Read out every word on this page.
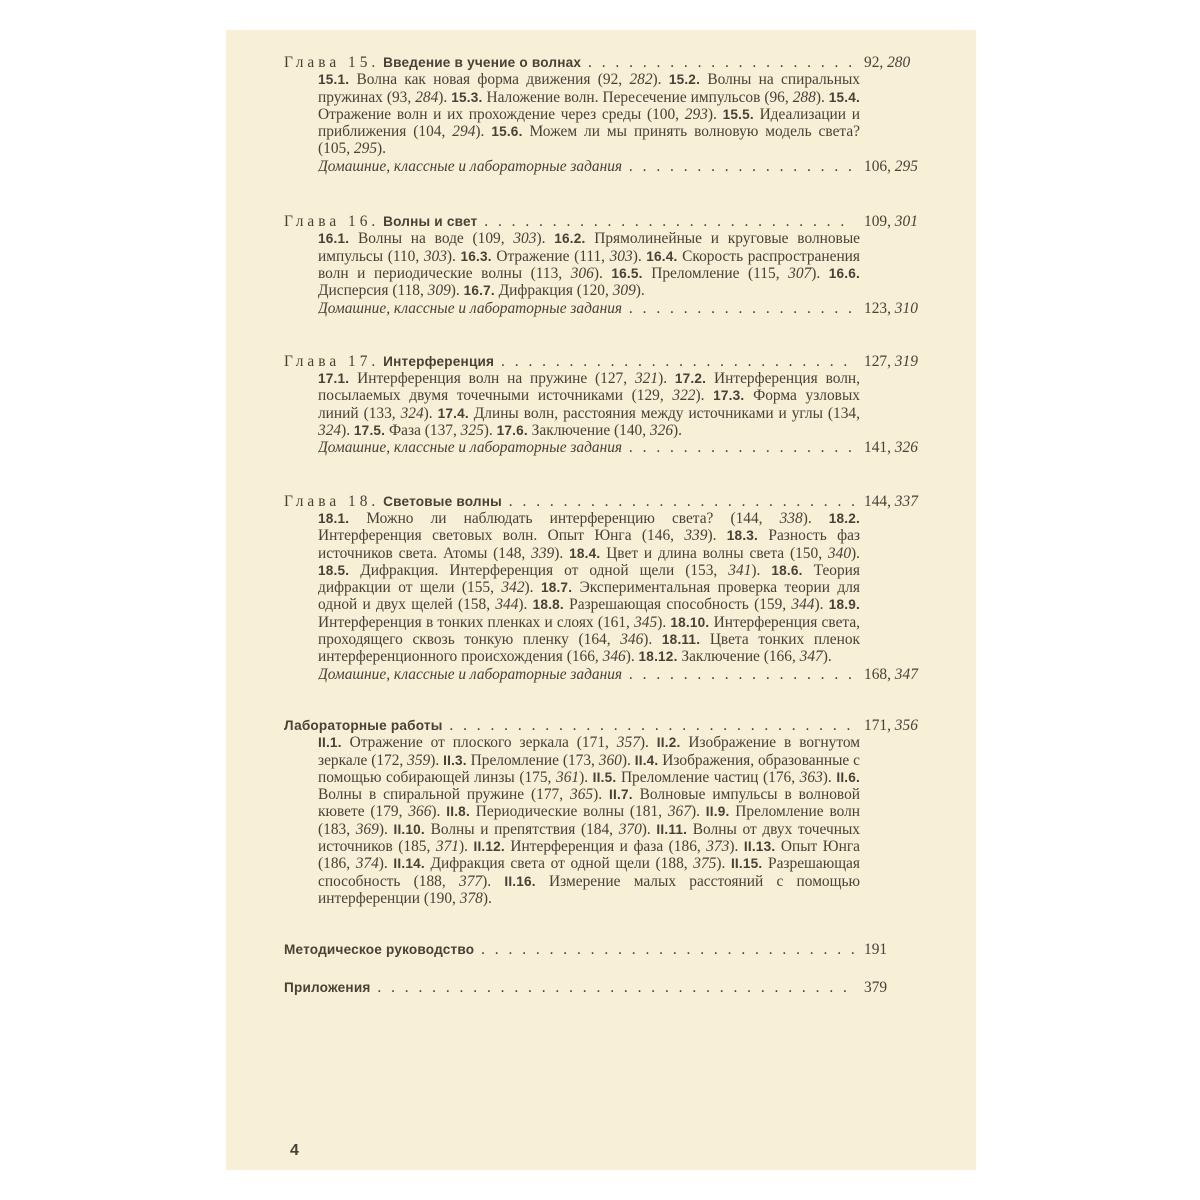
Глава 15. Введение в учение о волнах . . .	92, 280
15.1. Волна как новая форма движения (92, 282). 15.2. Волны на спиральных пружинах (93, 284). 15.3. Наложение волн. Пересечение импульсов (96, 288). 15.4. Отражение волн и их прохождение через среды (100, 293). 15.5. Идеализации и приближения (104, 294). 15.6. Можем ли мы принять волновую модель света? (105, 295).
Домашние, классные и лабораторные задания . . .	106, 295
Глава 16. Волны и свет . . .	109, 301
16.1. Волны на воде (109, 303). 16.2. Прямолинейные и круговые волновые импульсы (110, 303). 16.3. Отражение (111, 303). 16.4. Скорость распространения волн и периодические волны (113, 306). 16.5. Преломление (115, 307). 16.6. Дисперсия (118, 309). 16.7. Дифракция (120, 309).
Домашние, классные и лабораторные задания . . .	123, 310
Глава 17. Интерференция . . .	127, 319
17.1. Интерференция волн на пружине (127, 321). 17.2. Интерференция волн, посылаемых двумя точечными источниками (129, 322). 17.3. Форма узловых линий (133, 324). 17.4. Длины волн, расстояния между источниками и углы (134, 324). 17.5. Фаза (137, 325). 17.6. Заключение (140, 326).
Домашние, классные и лабораторные задания . . .	141, 326
Глава 18. Световые волны . . .	144, 337
18.1. Можно ли наблюдать интерференцию света? (144, 338). 18.2. Интерференция световых волн. Опыт Юнга (146, 339). 18.3. Разность фаз источников света. Атомы (148, 339). 18.4. Цвет и длина волны света (150, 340). 18.5. Дифракция. Интерференция от одной щели (153, 341). 18.6. Теория дифракции от щели (155, 342). 18.7. Экспериментальная проверка теории для одной и двух щелей (158, 344). 18.8. Разрешающая способность (159, 344). 18.9. Интерференция в тонких пленках и слоях (161, 345). 18.10. Интерференция света, проходящего сквозь тонкую пленку (164, 346). 18.11. Цвета тонких пленок интерференционного происхождения (166, 346). 18.12. Заключение (166, 347).
Домашние, классные и лабораторные задания . . .	168, 347
Лабораторные работы . . .	171, 356
II.1. Отражение от плоского зеркала (171, 357). II.2. Изображение в вогнутом зеркале (172, 359). II.3. Преломление (173, 360). II.4. Изображения, образованные с помощью собирающей линзы (175, 361). II.5. Преломление частиц (176, 363). II.6. Волны в спиральной пружине (177, 365). II.7. Волновые импульсы в волновой кювете (179, 366). II.8. Периодические волны (181, 367). II.9. Преломление волн (183, 369). II.10. Волны и препятствия (184, 370). II.11. Волны от двух точечных источников (185, 371). II.12. Интерференция и фаза (186, 373). II.13. Опыт Юнга (186, 374). II.14. Дифракция света от одной щели (188, 375). II.15. Разрешающая способность (188, 377). II.16. Измерение малых расстояний с помощью интерференции (190, 378).
Методическое руководство . . .	191
Приложения . . .	379
4
